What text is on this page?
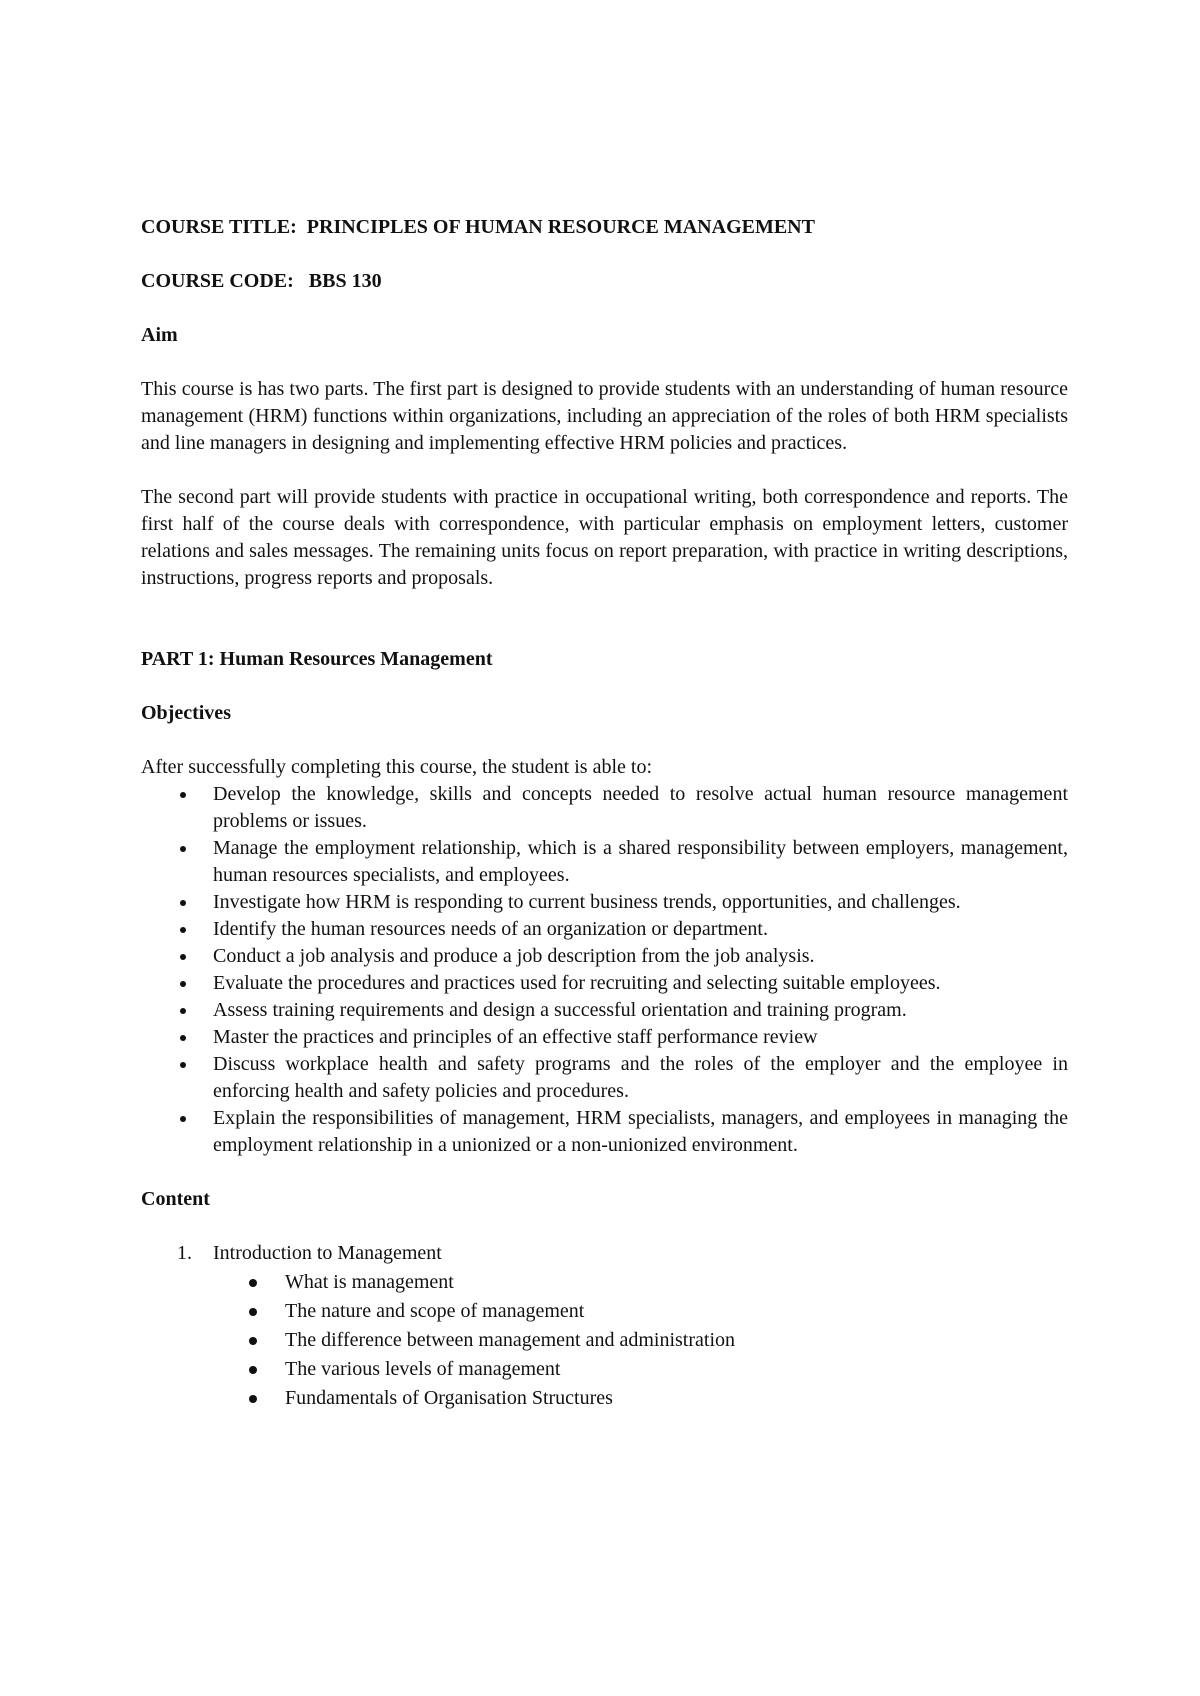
COURSE TITLE: PRINCIPLES OF HUMAN RESOURCE MANAGEMENT
COURSE CODE: BBS 130
Aim

This course is has two parts. The first part is designed to provide students with an understanding of human resource management (HRM) functions within organizations, including an appreciation of the roles of both HRM specialists and line managers in designing and implementing effective HRM policies and practices.

The second part will provide students with practice in occupational writing, both correspondence and reports. The first half of the course deals with correspondence, with particular emphasis on employment letters, customer relations and sales messages. The remaining units focus on report preparation, with practice in writing descriptions, instructions, progress reports and proposals.

PART 1: Human Resources Management
Objectives

After successfully completing this course, the student is able to:

Develop the knowledge, skills and concepts needed to resolve actual human resource management problems or issues.
Manage the employment relationship, which is a shared responsibility between employers, management, human resources specialists, and employees.
Investigate how HRM is responding to current business trends, opportunities, and challenges.
Identify the human resources needs of an organization or department.
Conduct a job analysis and produce a job description from the job analysis.
Evaluate the procedures and practices used for recruiting and selecting suitable employees.
Assess training requirements and design a successful orientation and training program.
Master the practices and principles of an effective staff performance review
Discuss workplace health and safety programs and the roles of the employer and the employee in enforcing health and safety policies and procedures.
Explain the responsibilities of management, HRM specialists, managers, and employees in managing the employment relationship in a unionized or a non-unionized environment.
Content
1. Introduction to Management
What is management
The nature and scope of management
The difference between management and administration
The various levels of management
Fundamentals of Organisation Structures
